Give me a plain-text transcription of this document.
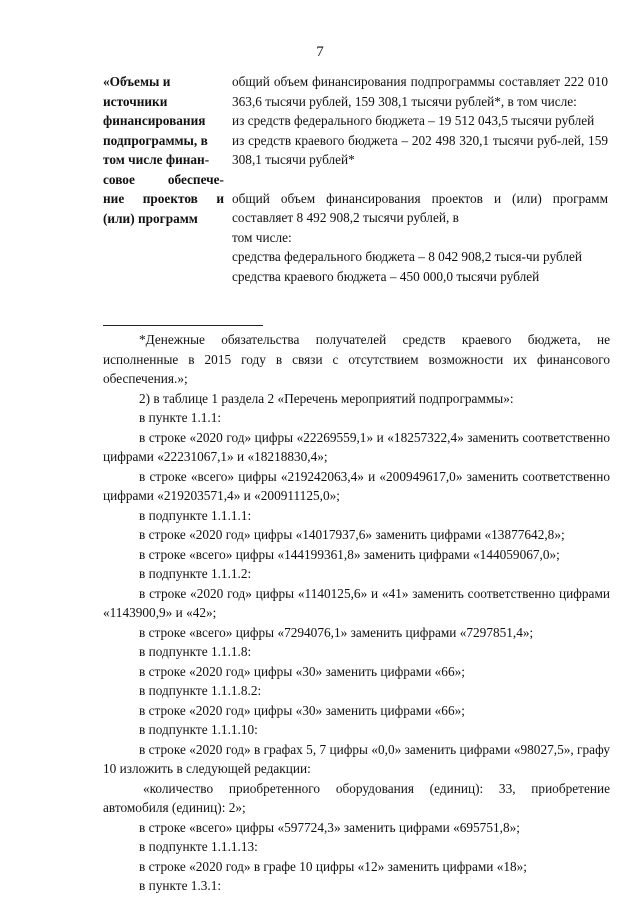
7
«Объемы и
источники
финансирования
подпрограммы, в
том числе финан-
совое обеспече-
ние проектов и
(или) программ

общий объем финансирования подпрограммы составляет 222 010 363,6 тысячи рублей, 159 308,1 тысячи рублей*, в том числе:

из средств федерального бюджета – 19 512 043,5 тысячи рублей

из средств краевого бюджета – 202 498 320,1 тысячи руб-лей, 159 308,1 тысячи рублей*

общий объем финансирования проектов и (или) программ составляет 8 492 908,2 тысячи рублей, в

том числе:

средства федерального бюджета – 8 042 908,2 тыся-чи рублей

средства краевого бюджета – 450 000,0 тысячи рублей

*Денежные обязательства получателей средств краевого бюджета, не исполненные в 2015 году в связи с отсутствием возможности их финансового обеспечения.»;

2) в таблице 1 раздела 2 «Перечень мероприятий подпрограммы»:

в пункте 1.1.1:

в строке «2020 год» цифры «22269559,1» и «18257322,4» заменить соответственно цифрами «22231067,1» и «18218830,4»;

в строке «всего» цифры «219242063,4» и «200949617,0» заменить соответственно цифрами «219203571,4» и «200911125,0»;

в подпункте 1.1.1.1:

в строке «2020 год» цифры «14017937,6» заменить цифрами «13877642,8»;

в строке «всего» цифры «144199361,8» заменить цифрами «144059067,0»;

в подпункте 1.1.1.2:

в строке «2020 год» цифры «1140125,6» и «41» заменить соответственно цифрами «1143900,9» и «42»;

в строке «всего» цифры «7294076,1» заменить цифрами «7297851,4»;

в подпункте 1.1.1.8:

в строке «2020 год» цифры «30» заменить цифрами «66»;

в подпункте 1.1.1.8.2:

в строке «2020 год» цифры «30» заменить цифрами «66»;

в подпункте 1.1.1.10:

в строке «2020 год» в графах 5, 7 цифры «0,0» заменить цифрами «98027,5», графу 10 изложить в следующей редакции:

«количество приобретенного оборудования (единиц): 33, приобретение автомобиля (единиц): 2»;

в строке «всего» цифры «597724,3» заменить цифрами «695751,8»;

в подпункте 1.1.1.13:

в строке «2020 год» в графе 10 цифры «12» заменить цифрами «18»;

в пункте 1.3.1:
